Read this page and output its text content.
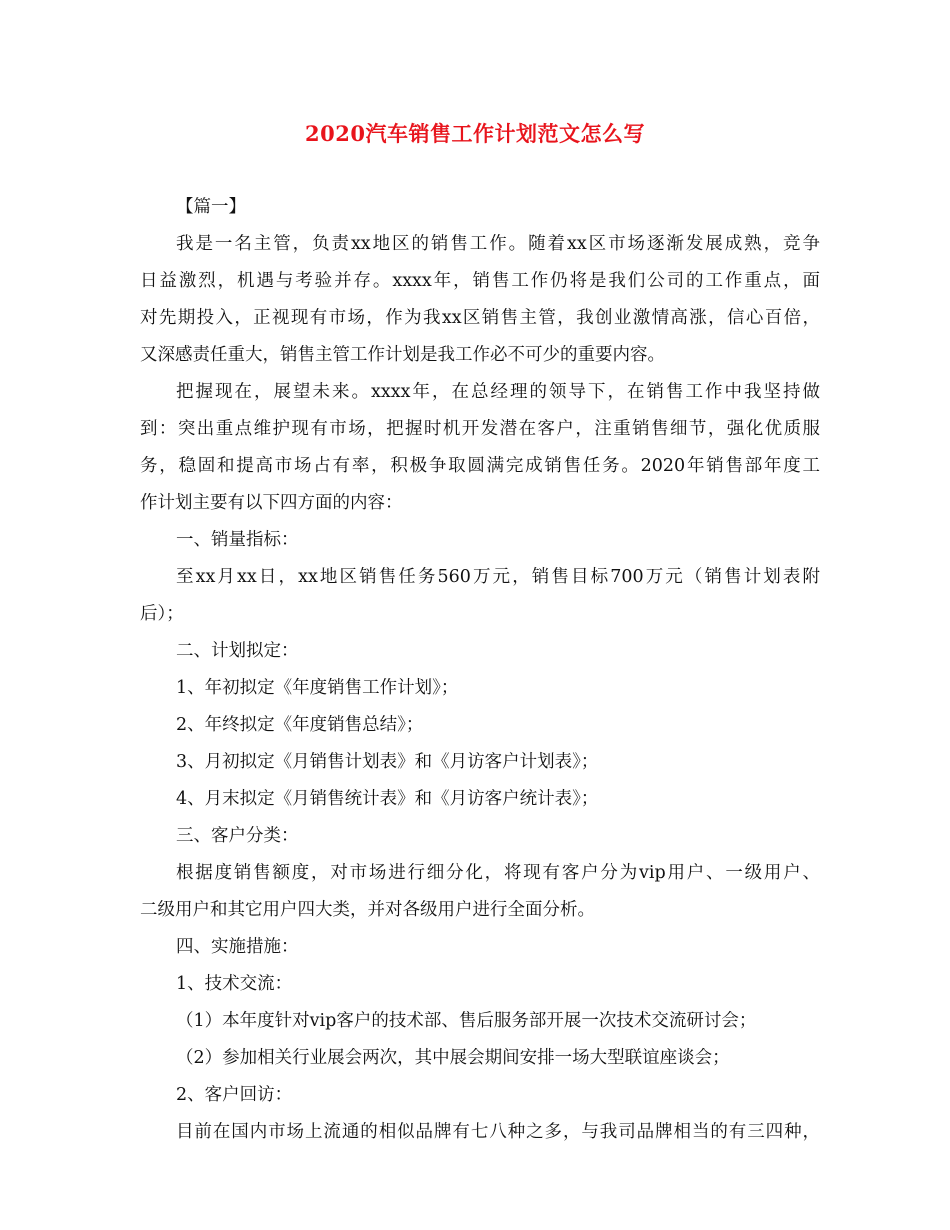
2020汽车销售工作计划范文怎么写
【篇一】
我是一名主管，负责xx地区的销售工作。随着xx区市场逐渐发展成熟，竞争
日益激烈，机遇与考验并存。xxxx年，销售工作仍将是我们公司的工作重点，面
对先期投入，正视现有市场，作为我xx区销售主管，我创业激情高涨，信心百倍，
又深感责任重大，销售主管工作计划是我工作必不可少的重要内容。
把握现在，展望未来。xxxx年，在总经理的领导下，在销售工作中我坚持做
到：突出重点维护现有市场，把握时机开发潜在客户，注重销售细节，强化优质服
务，稳固和提高市场占有率，积极争取圆满完成销售任务。2020年销售部年度工
作计划主要有以下四方面的内容：
一、销量指标：
至xx月xx日，xx地区销售任务560万元，销售目标700万元（销售计划表附
后）；
二、计划拟定：
1、年初拟定《年度销售工作计划》；
2、年终拟定《年度销售总结》；
3、月初拟定《月销售计划表》和《月访客户计划表》；
4、月末拟定《月销售统计表》和《月访客户统计表》；
三、客户分类：
根据度销售额度，对市场进行细分化，将现有客户分为vip用户、一级用户、
二级用户和其它用户四大类，并对各级用户进行全面分析。
四、实施措施：
1、技术交流：
（1）本年度针对vip客户的技术部、售后服务部开展一次技术交流研讨会；
（2）参加相关行业展会两次，其中展会期间安排一场大型联谊座谈会；
2、客户回访：
目前在国内市场上流通的相似品牌有七八种之多，与我司品牌相当的有三四种，
